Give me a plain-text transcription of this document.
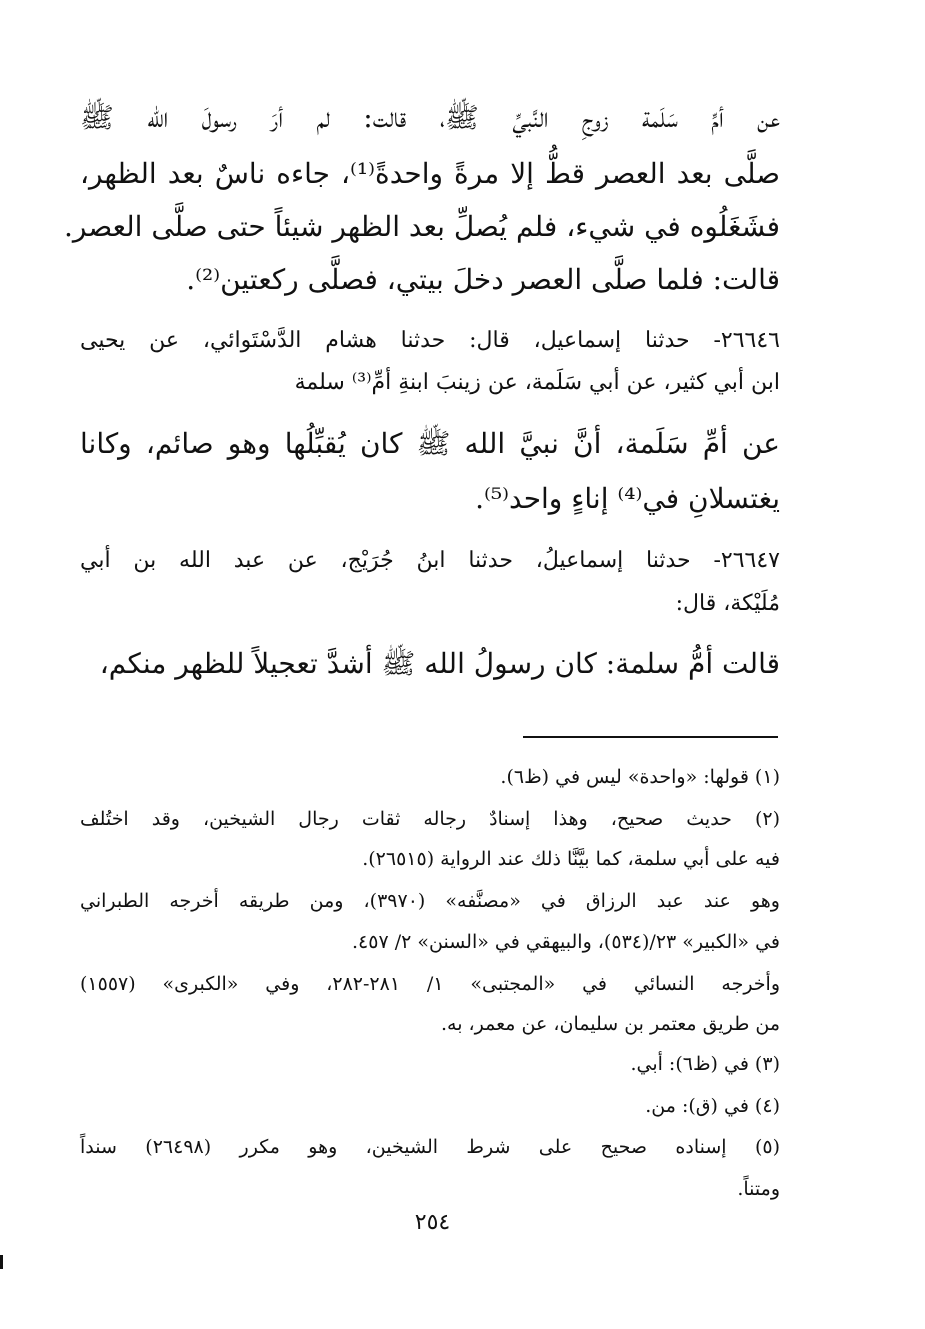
عن أمِّ سَلَمة زوجِ النَّبيِّ ﷺ، قالت: لم أرَ رسولَ الله ﷺ
صلَّى بعد العصر قطُّ إلا مرةً واحدةً⁽¹⁾، جاءه ناسٌ بعد الظهر،
فشَغَلُوه في شيء، فلم يُصلِّ بعد الظهر شيئاً حتى صلَّى العصر.
قالت: فلما صلَّى العصر دخلَ بيتي، فصلَّى ركعتين⁽²⁾.
٢٦٦٤٦- حدثنا إسماعيل، قال: حدثنا هشام الدَّسْتَوائي، عن يحيى
ابن أبي كثير، عن أبي سَلَمة، عن زينبَ ابنةِ أمِّ⁽³⁾ سلمة
عن أمِّ سَلَمة، أنَّ نبيَّ الله ﷺ كان يُقبِّلُها وهو صائم، وكانا
يغتسلانِ في⁽⁴⁾ إناءٍ واحد⁽⁵⁾.
٢٦٦٤٧- حدثنا إسماعيلُ، حدثنا ابنُ جُرَيْج، عن عبد الله بن أبي
مُلَيْكة، قال:
قالت أمُّ سلمة: كان رسولُ الله ﷺ أشدَّ تعجيلاً للظهر منكم،
(١) قولها: «واحدة» ليس في (ظ٦).
(٢) حديث صحيح، وهذا إسنادٌ رجاله ثقات رجال الشيخين، وقد اختُلف
فيه على أبي سلمة، كما بيَّنَّا ذلك عند الرواية (٢٦٥١٥).
وهو عند عبد الرزاق في «مصنَّفه» (٣٩٧٠)، ومن طريقه أخرجه الطبراني
في «الكبير» ٢٣/(٥٣٤)، والبيهقي في «السنن» ٢/ ٤٥٧.
وأخرجه النسائي في «المجتبى» ١/ ٢٨١-٢٨٢، وفي «الكبرى» (١٥٥٧)
من طريق معتمر بن سليمان، عن معمر، به.
(٣) في (ظ٦): أبي.
(٤) في (ق): من.
(٥) إسناده صحيح على شرط الشيخين، وهو مكرر (٢٦٤٩٨) سنداً
ومتناً.
٢٥٤
